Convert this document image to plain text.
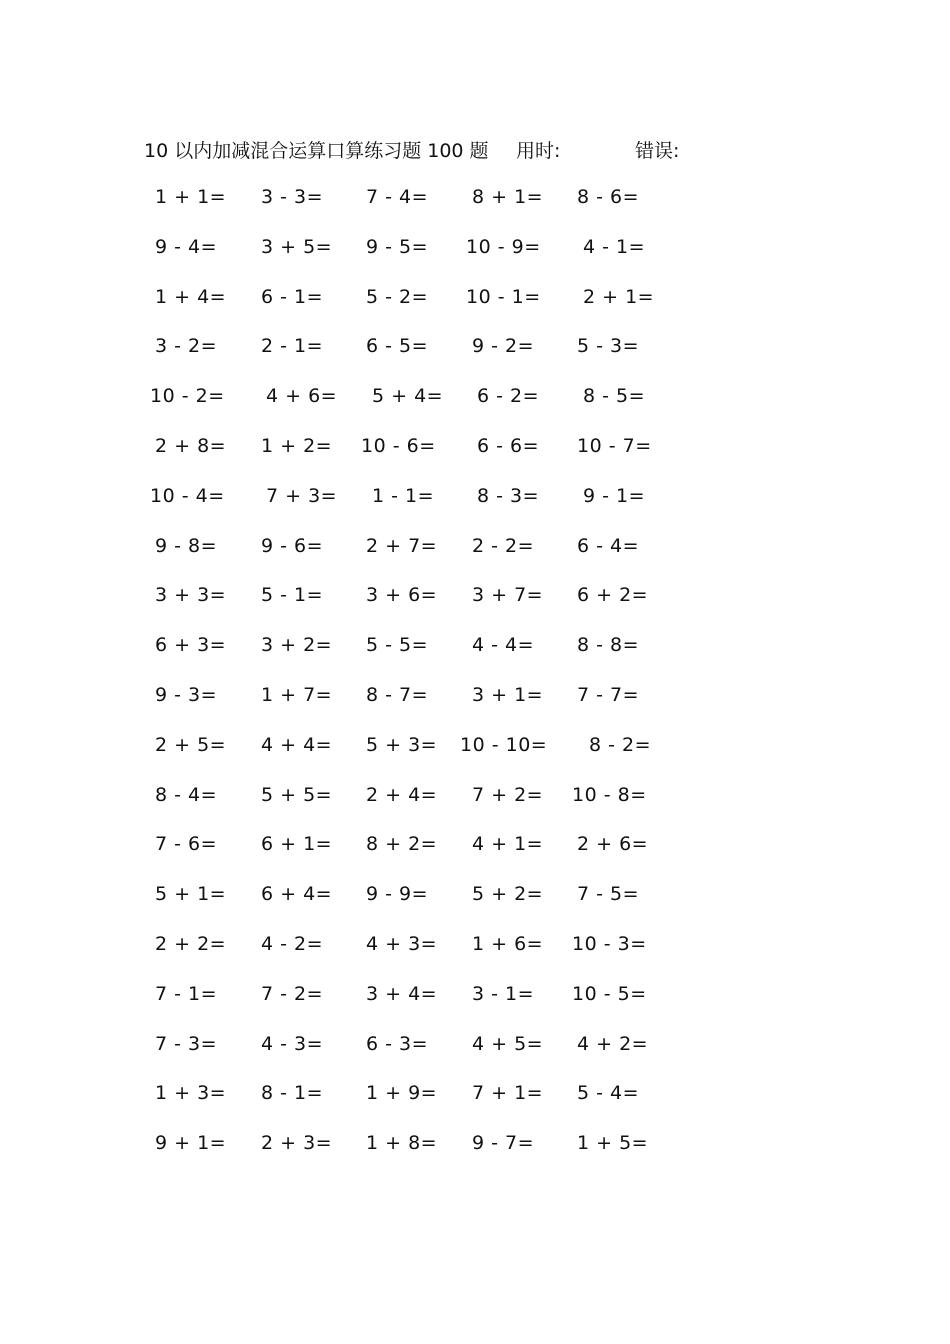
10 以内加减混合运算口算练习题 100 题 用时:	错误:
1 + 1= 3 - 3= 7 - 4= 8 + 1= 8 - 6=
9 - 4= 3 + 5= 9 - 5= 10 - 9= 4 - 1=
1 + 4= 6 - 1= 5 - 2= 10 - 1= 2 + 1=
3 - 2= 2 - 1= 6 - 5= 9 - 2= 5 - 3=
10 - 2= 4 + 6= 5 + 4= 6 - 2= 8 - 5=
2 + 8= 1 + 2= 10 - 6= 6 - 6= 10 - 7=
10 - 4= 7 + 3= 1 - 1= 8 - 3= 9 - 1=
9 - 8= 9 - 6= 2 + 7= 2 - 2= 6 - 4=
3 + 3= 5 - 1= 3 + 6= 3 + 7= 6 + 2=
6 + 3= 3 + 2= 5 - 5= 4 - 4= 8 - 8=
9 - 3= 1 + 7= 8 - 7= 3 + 1= 7 - 7=
2 + 5= 4 + 4= 5 + 3= 10 - 10= 8 - 2=
8 - 4= 5 + 5= 2 + 4= 7 + 2= 10 - 8=
7 - 6= 6 + 1= 8 + 2= 4 + 1= 2 + 6=
5 + 1= 6 + 4= 9 - 9= 5 + 2= 7 - 5=
2 + 2= 4 - 2= 4 + 3= 1 + 6= 10 - 3=
7 - 1= 7 - 2= 3 + 4= 3 - 1= 10 - 5=
7 - 3= 4 - 3= 6 - 3= 4 + 5= 4 + 2=
1 + 3= 8 - 1= 1 + 9= 7 + 1= 5 - 4=
9 + 1= 2 + 3= 1 + 8= 9 - 7= 1 + 5=
